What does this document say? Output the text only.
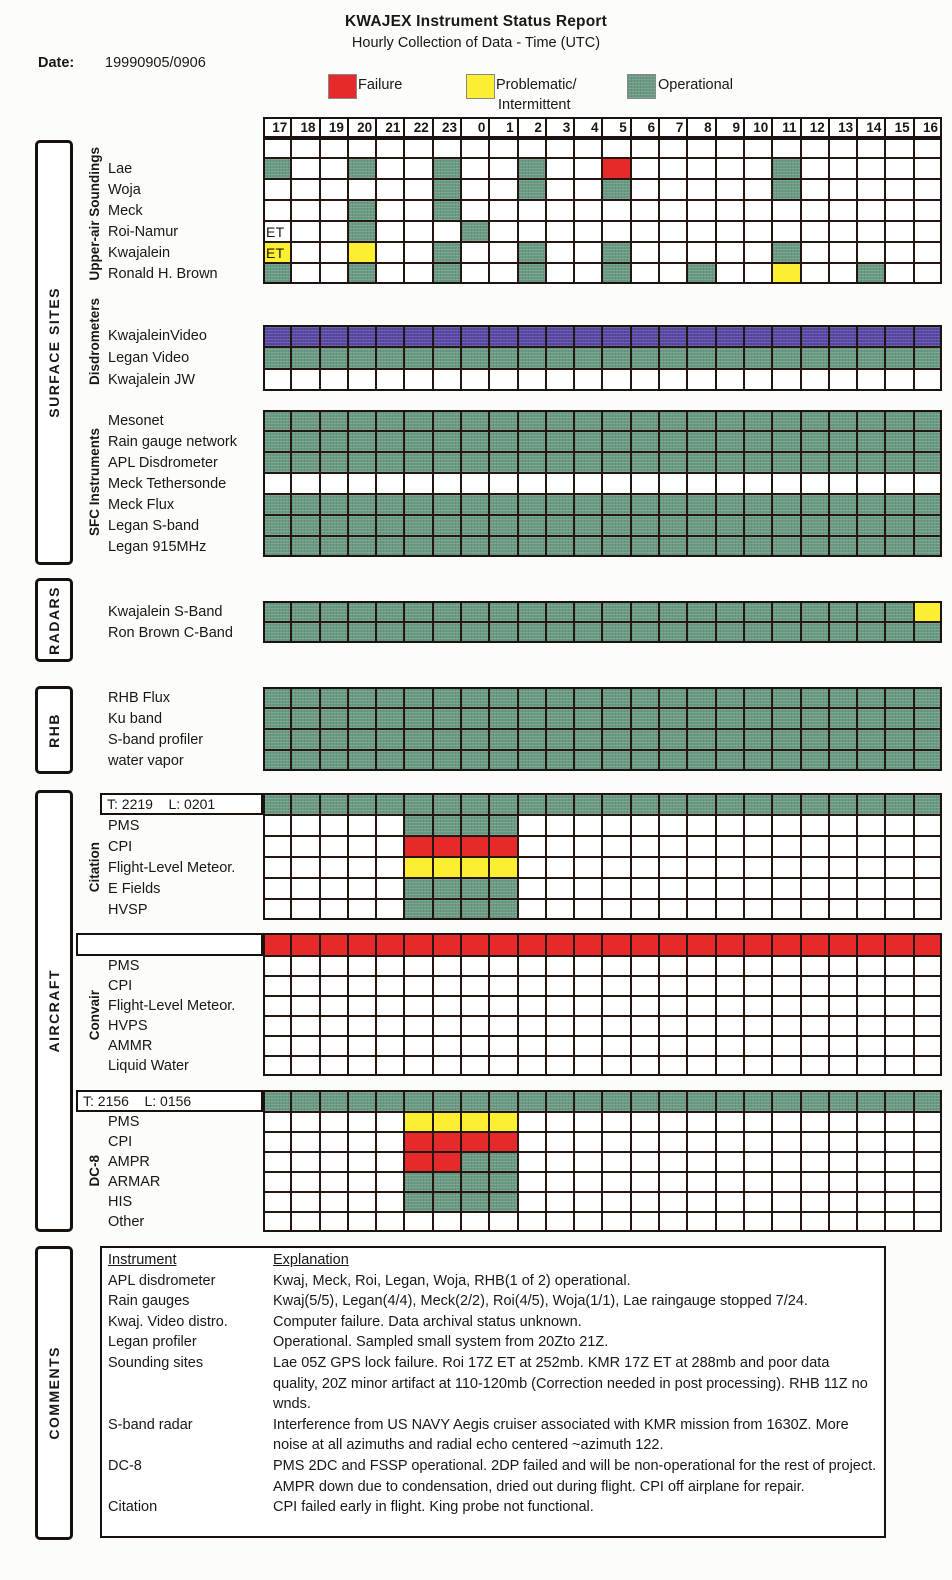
KWAJEX Instrument Status Report
Hourly Collection of Data - Time (UTC)
Date: 19990905/0906
Failure	Problematic/
Intermittent
Operational
17 18 19 20 21 22 23	0	1	2	3	4	5	6	7	8	9 10	11 12 13 14 15 16
SURFACE SITES
RADARS
RHB
AIRCRAFT
COMMENTS
Upper-air Soundings
Disdrometers
SFC Instruments
Citation
Convair
DC-8
Lae
Woja
Meck
Roi-Namur	ET
Kwajalein	ET
Ronald H. Brown
KwajaleinVideo
Legan Video
Kwajalein JW
Mesonet
Rain gauge network
APL Disdrometer
Meck Tethersonde
Meck Flux
Legan S-band
Legan 915MHz
Kwajalein S-Band
Ron Brown C-Band
RHB Flux
Ku band
S-band profiler
water vapor
T: 2219    L: 0201
PMS
CPI
Flight-Level Meteor.
E Fields
HVSP
PMS
CPI
Flight-Level Meteor.
HVPS
AMMR
Liquid Water
T: 2156    L: 0156
PMS
CPI
AMPR
ARMAR
HIS
Other
Instrument	Explanation
APL disdrometer	Kwaj, Meck, Roi, Legan, Woja, RHB(1 of 2) operational.
Rain gauges	Kwaj(5/5), Legan(4/4), Meck(2/2), Roi(4/5), Woja(1/1), Lae raingauge stopped 7/24.
Kwaj. Video distro.	Computer failure. Data archival status unknown.
Legan profiler	Operational. Sampled small system from 20Zto 21Z.
Sounding sites	Lae 05Z GPS lock failure. Roi 17Z ET at 252mb. KMR 17Z ET at 288mb and poor data quality, 20Z minor artifact at 110-120mb (Correction needed in post processing). RHB 11Z no wnds.
S-band radar	Interference from US NAVY Aegis cruiser associated with KMR mission from 1630Z. More noise at all azimuths and radial echo centered ~azimuth 122.
DC-8	PMS 2DC and FSSP operational. 2DP failed and will be non-operational for the rest of project. AMPR down due to condensation, dried out during flight. CPI off airplane for repair.
Citation	CPI failed early in flight. King probe not functional.
